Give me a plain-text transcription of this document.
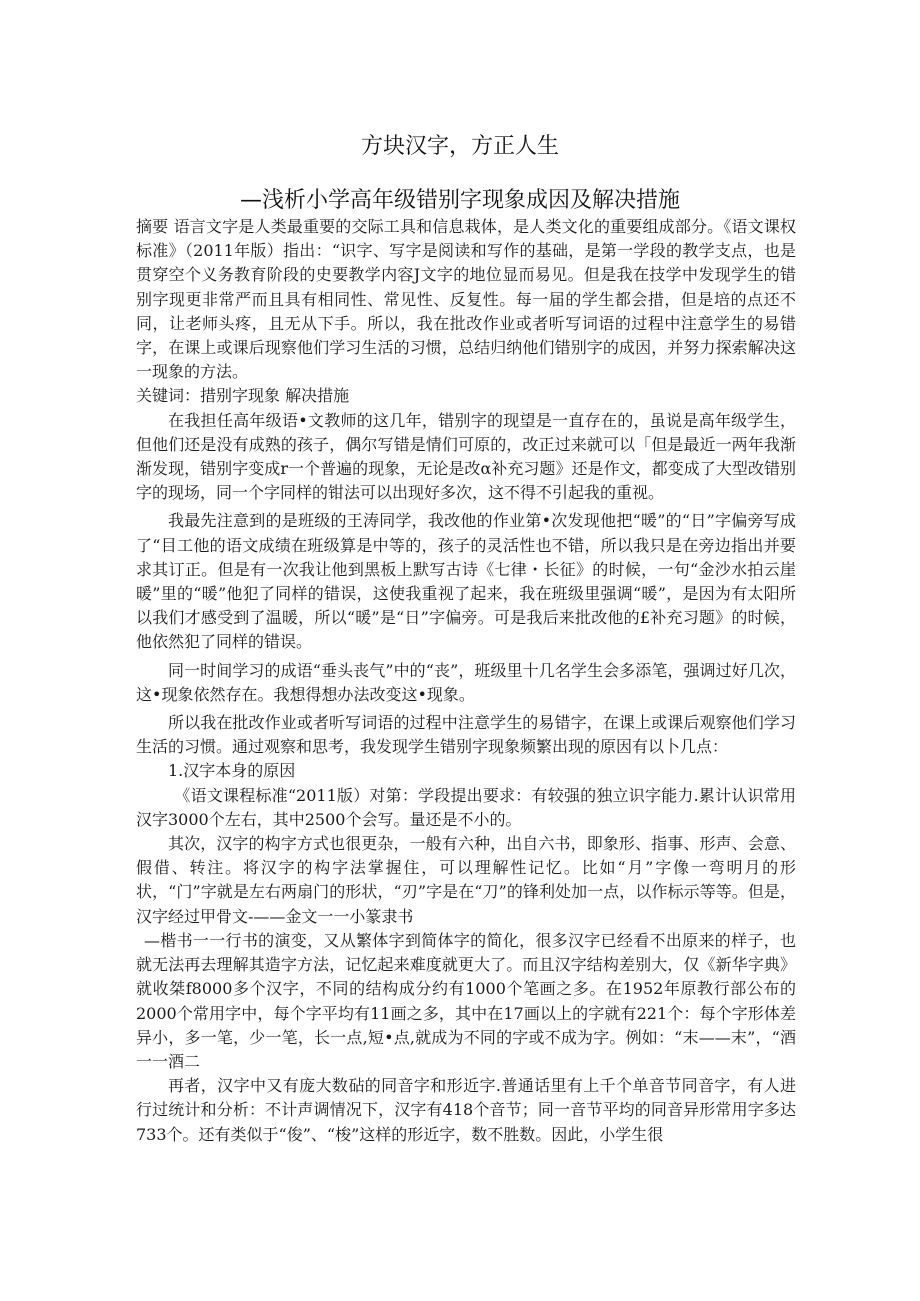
方块汉字，方正人生
—浅析小学高年级错别字现象成因及解决措施

摘要 语言文字是人类最重要的交际工具和信息栽体，是人类文化的重要组成部分。《语文课权标准》（2011年版）指出：“识字、写字是阅读和写作的基础，是第一学段的教学支点，也是贯穿空个义务教育阶段的史要教学内容J文字的地位显而易见。但是我在技学中发现学生的错别字现更非常严而且具有相同性、常见性、反复性。每一届的学生都会措，但是培的点还不同，让老师头疼，且无从下手。所以，我在批改作业或者听写词语的过程中注意学生的易错字，在课上或课后现察他们学习生活的习惯，总结归纳他们错别字的成因，并努力探索解决这一现象的方法。

关键词：措别字现象 解决措施

在我担任高年级语•文教师的这几年，错别字的现望是一直存在的，虽说是高年级学生，但他们还是没有成熟的孩子，偶尔写错是情们可原的，改正过来就可以「但是最近一两年我渐渐发现，错别字变成r一个普遍的现象，无论是改α补充习题》还是作文，都变成了大型改错别字的现场，同一个字同样的钳法可以出现好多次，这不得不引起我的重视。

我最先注意到的是班级的王涛同学，我改他的作业第•次发现他把“暖”的“日”字偏旁写成了“目工他的语文成绩在班级算是中等的，孩子的灵活性也不错，所以我只是在旁边指出并要求其订正。但是有一次我让他到黑板上默写古诗《七律・长征》的时候，一句“金沙水拍云崖暖”里的“暖”他犯了同样的错误，这使我重视了起来，我在班级里强调“暖”，是因为有太阳所以我们才感受到了温暖，所以“暖”是“日”字偏旁。可是我后来批改他的£补充习题》的时候，他依然犯了同样的错误。

同一时间学习的成语“垂头丧气”中的“丧”，班级里十几名学生会多添笔，强调过好几次，这•现象依然存在。我想得想办法改变这•现象。

所以我在批改作业或者听写词语的过程中注意学生的易错字，在课上或课后观察他们学习生活的习惯。通过观察和思考，我发现学生错别字现象频繁出现的原因有以卜几点：

1.汉字本身的原因

《语文课程标准“2011版）对第：学段提出要求：有较强的独立识字能力.累计认识常用汉字3000个左右，其中2500个会写。量还是不小的。

其次，汉字的构字方式也很更杂，一般有六种，出自六书，即象形、指事、形声、会意、假借、转注。将汉字的构字法掌握住，可以理解性记忆。比如“月”字像一弯明月的形状，“门”字就是左右两扇门的形状，“刃”字是在“刀”的锋利处加一点，以作标示等等。但是，汉字经过甲骨文-——金文一一小篆隶书

—楷书一一行书的演变，又从繁体字到简体字的简化，很多汉字已经看不出原来的样子，也就无法再去理解其造字方法，记忆起来难度就更大了。而且汉字结构差别大，仅《新华字典》就收桀f8000多个汉字，不同的结构成分约有1000个笔画之多。在1952年原教行部公布的2000个常用字中，每个字平均有11画之多，其中在17画以上的字就有221个：每个字形体差异小，多一笔，少一笔，长一点,短•点,就成为不同的字或不成为字。例如：“末——末”，“酒一一酒二

再者，汉字中又有庞大数砧的同音字和形近字.普通话里有上千个单音节同音字，有人进行过统计和分析：不计声调情况下，汉字有418个音节；同一音节平均的同音异形常用字多达733个。还有类似于“俊”、“梭”这样的形近字，数不胜数。因此，小学生很
